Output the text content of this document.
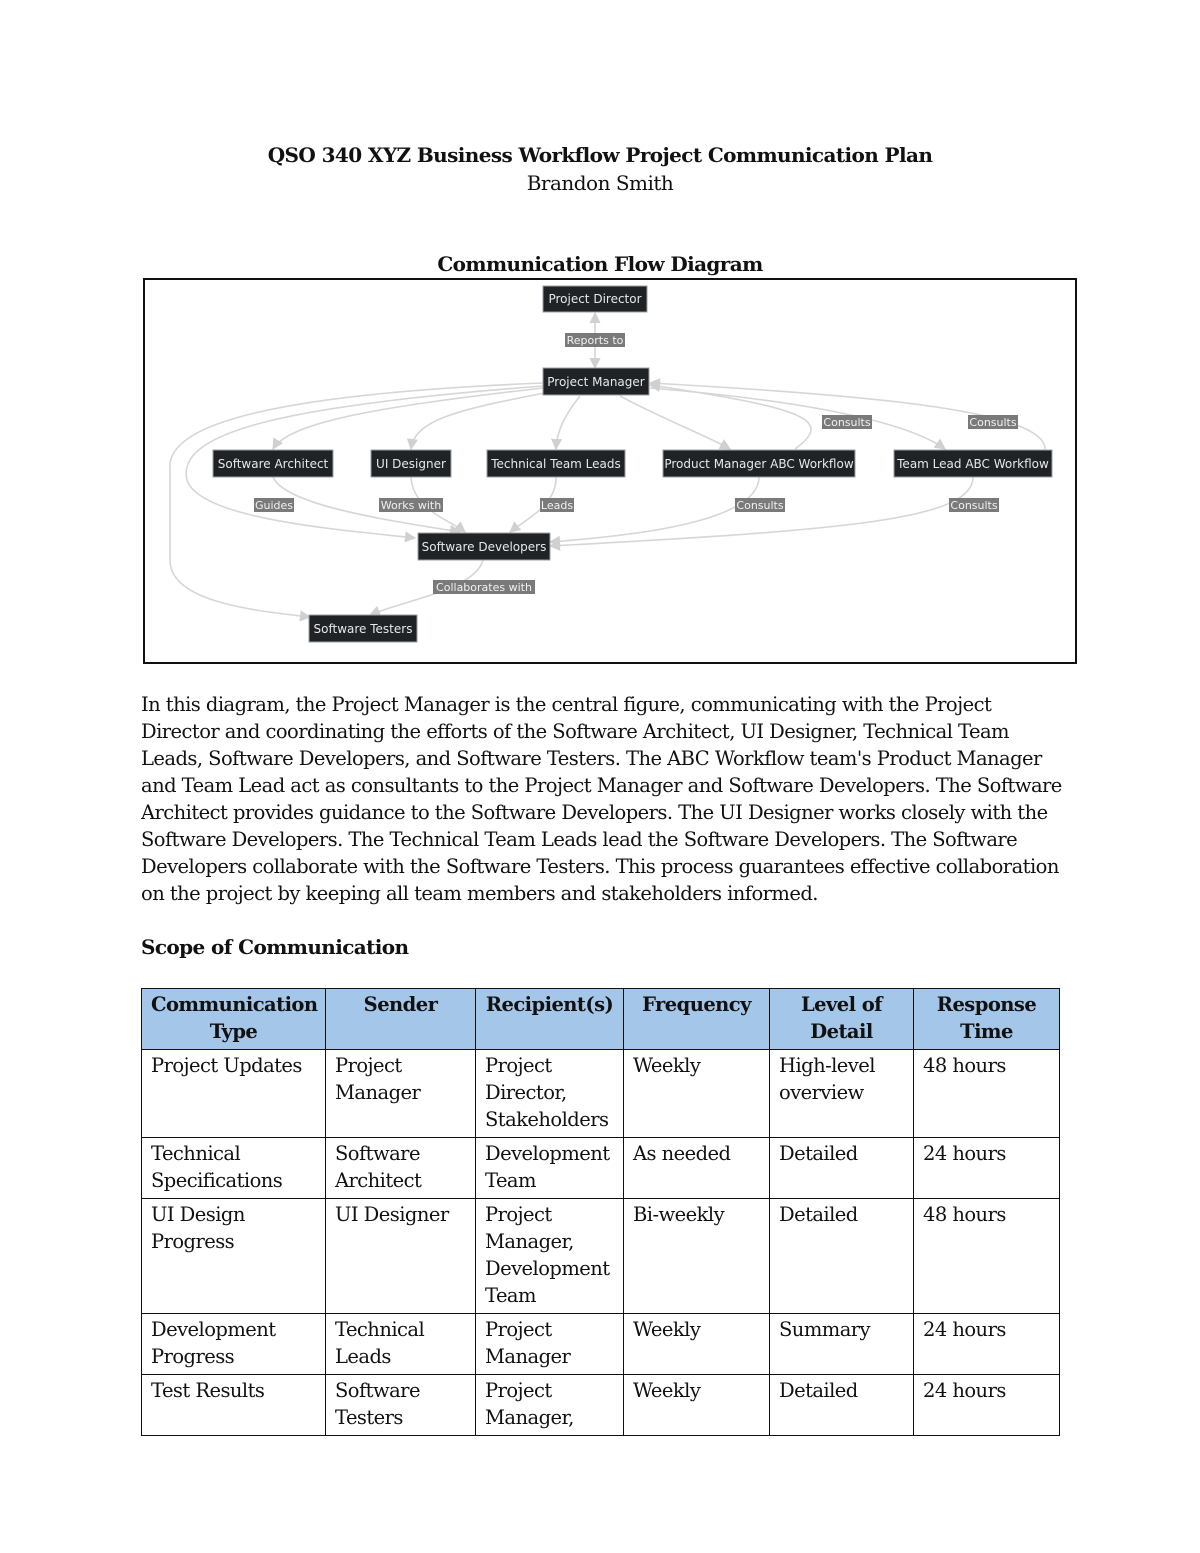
QSO 340 XYZ Business Workflow Project Communication Plan
Brandon Smith
Communication Flow Diagram
Reports to
Consults	Consults
Guides	Works with	Leads	Consults	Consults
Collaborates with
Project Director
Project Manager
Software Architect	UI Designer	Technical Team Leads	Product Manager ABC Workflow	Team Lead ABC Workflow
Software Developers
Software Testers
In this diagram, the Project Manager is the central figure, communicating with the Project Director and coordinating the efforts of the Software Architect, UI Designer, Technical Team Leads, Software Developers, and Software Testers. The ABC Workflow team's Product Manager and Team Lead act as consultants to the Project Manager and Software Developers. The Software Architect provides guidance to the Software Developers. The UI Designer works closely with the Software Developers. The Technical Team Leads lead the Software Developers. The Software Developers collaborate with the Software Testers. This process guarantees effective collaboration on the project by keeping all team members and stakeholders informed.
Scope of Communication
Communication Type	Sender	Recipient(s)	Frequency	Level of Detail	Response Time
Project Updates	Project Manager	Project Director, Stakeholders	Weekly	High-level overview	48 hours
Technical Specifications	Software Architect	Development Team	As needed	Detailed	24 hours
UI Design Progress	UI Designer	Project Manager, Development Team	Bi-weekly	Detailed	48 hours
Development Progress	Technical Leads	Project Manager	Weekly	Summary	24 hours
Test Results	Software Testers	Project Manager,	Weekly	Detailed	24 hours
